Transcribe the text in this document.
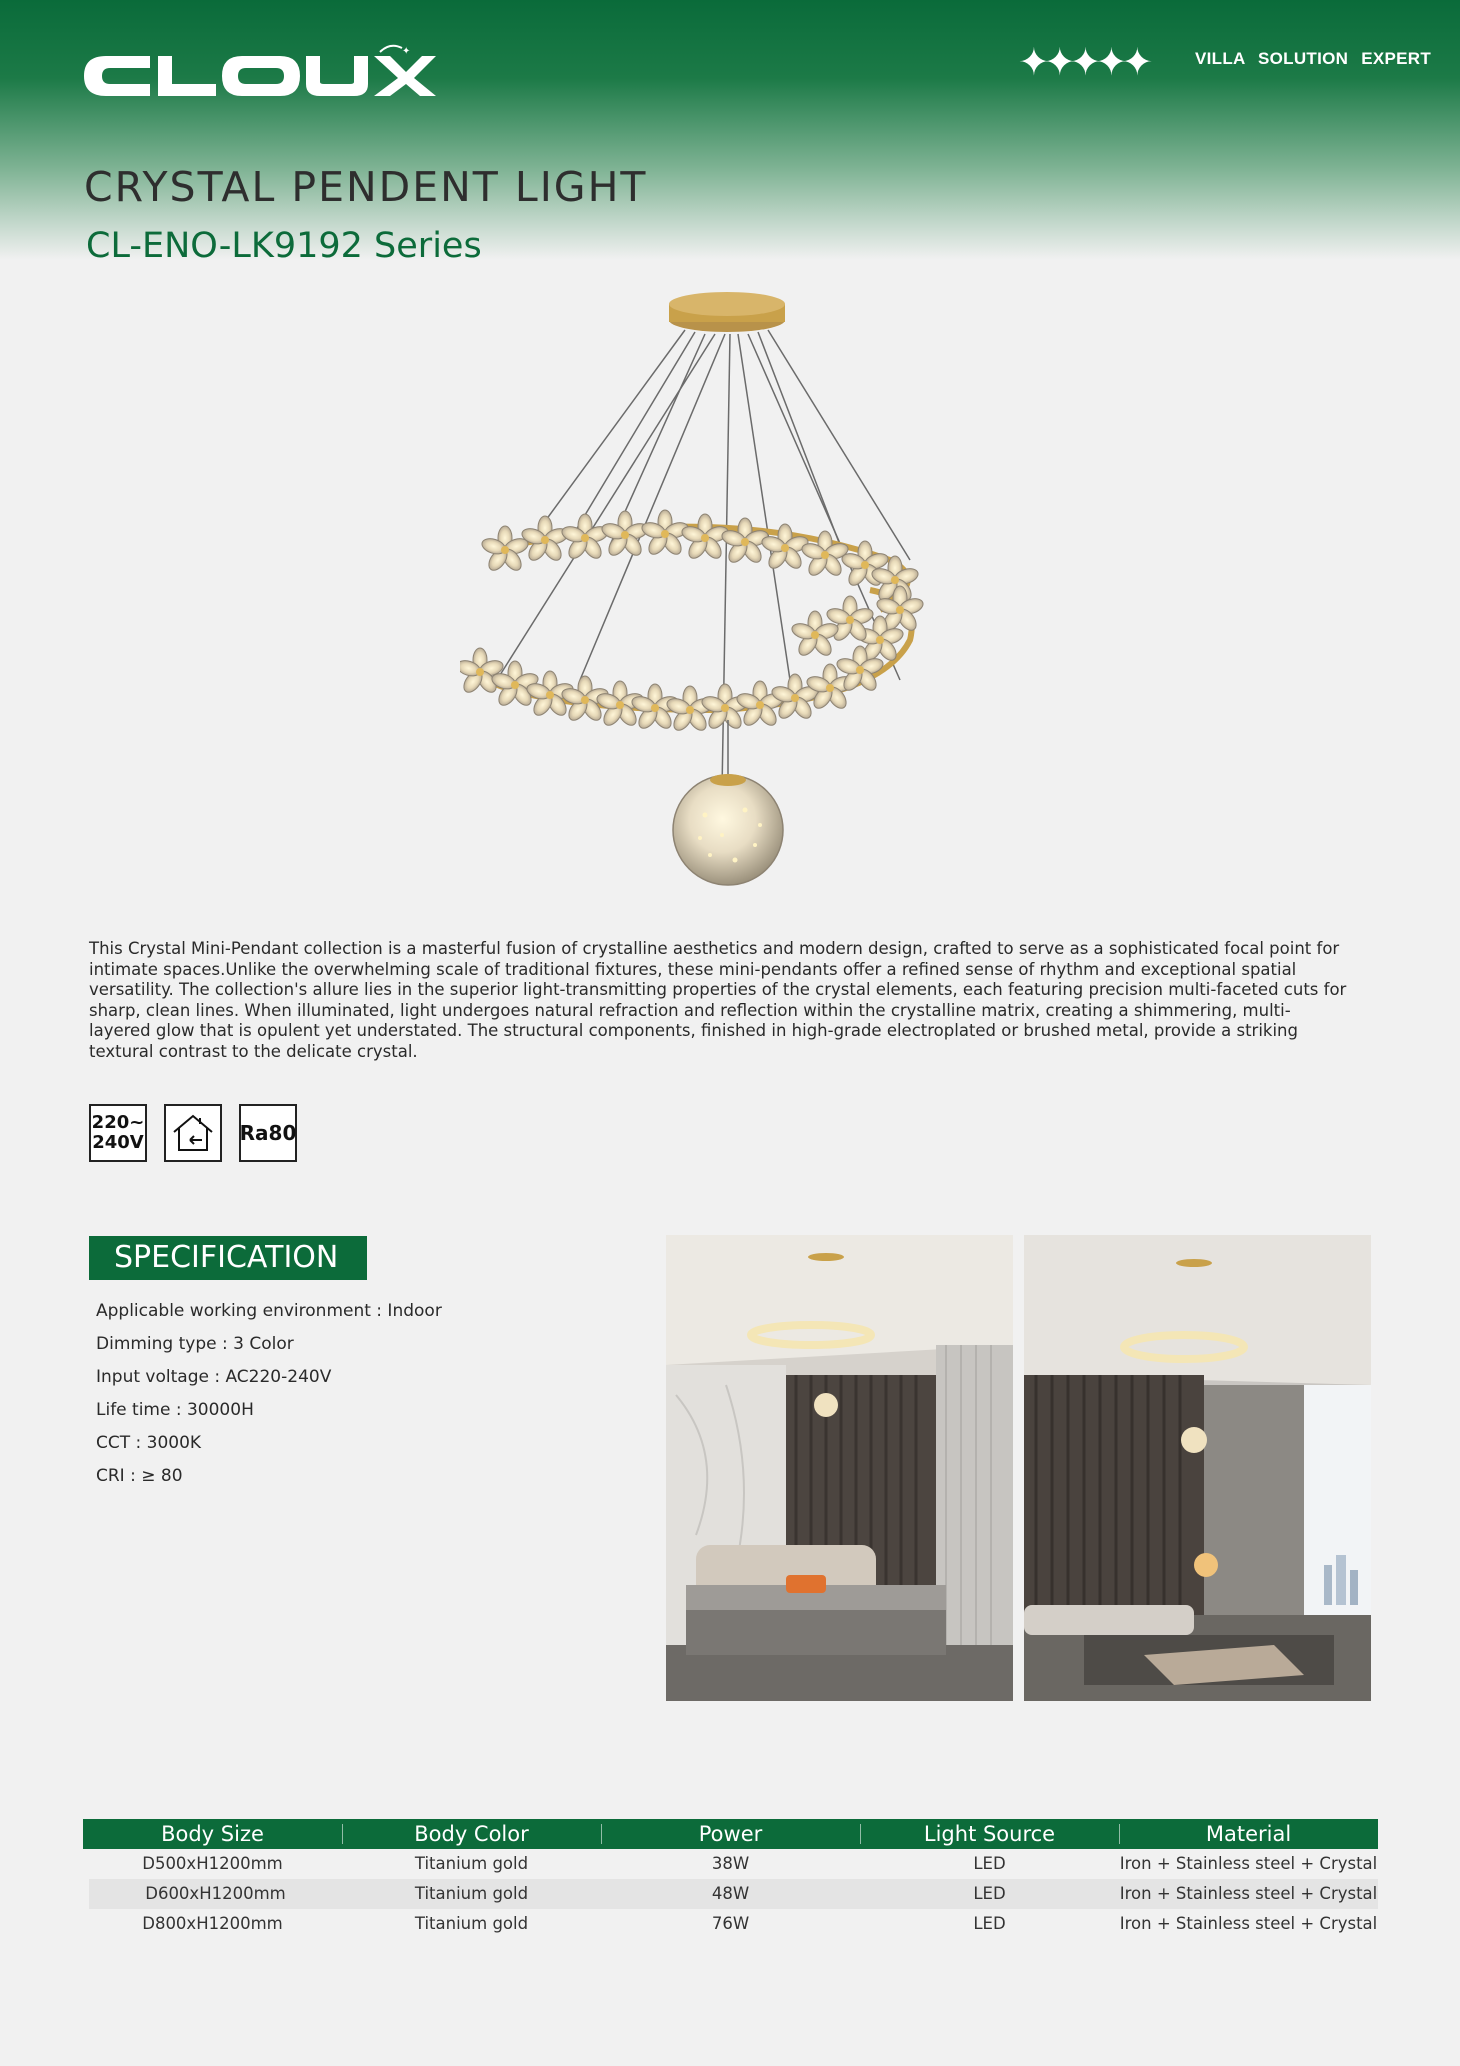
✦	✦✦✦✦✦	VILLA SOLUTION EXPERT
CRYSTAL PENDENT LIGHT
CL-ENO-LK9192 Series
This Crystal Mini-Pendant collection is a masterful fusion of crystalline aesthetics and modern design, crafted to serve as a sophisticated focal point for intimate spaces.Unlike the overwhelming scale of traditional fixtures, these mini-pendants offer a refined sense of rhythm and exceptional spatial versatility. The collection's allure lies in the superior light-transmitting properties of the crystal elements, each featuring precision multi-faceted cuts for sharp, clean lines. When illuminated, light undergoes natural refraction and reflection within the crystalline matrix, creating a shimmering, multi-layered glow that is opulent yet understated. The structural components, finished in high-grade electroplated or brushed metal, provide a striking textural contrast to the delicate crystal.
220~
240V	Ra80
SPECIFICATION
Applicable working environment : Indoor
Dimming type : 3 Color
Input voltage : AC220-240V
Life time : 30000H
CCT : 3000K
CRI : ≥ 80
Body Size	Body Color	Power	Light Source	Material
D500xH1200mm	Titanium gold	38W	LED	Iron + Stainless steel + Crystal
D600xH1200mm	Titanium gold	48W	LED	Iron + Stainless steel + Crystal
D800xH1200mm	Titanium gold	76W	LED	Iron + Stainless steel + Crystal
